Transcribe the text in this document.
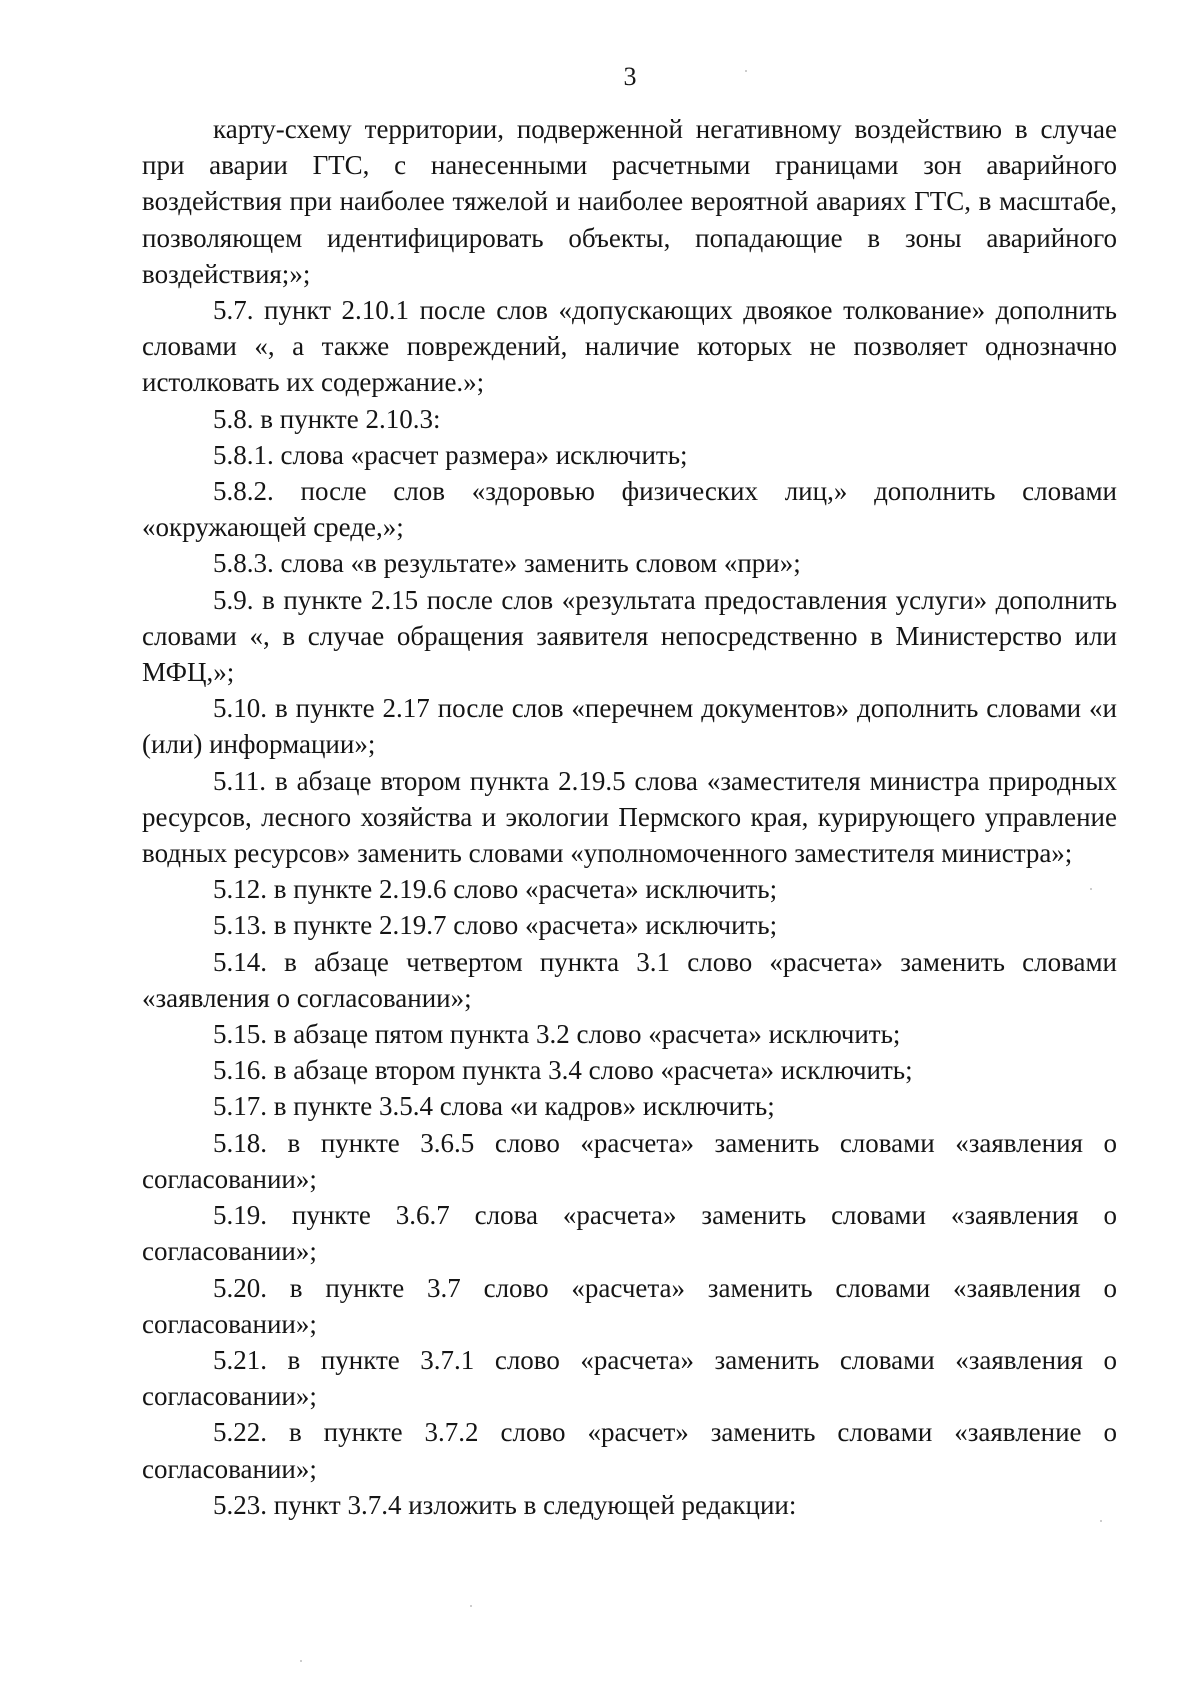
3

карту-схему территории, подверженной негативному воздействию в случае при аварии ГТС, с нанесенными расчетными границами зон аварийного воздействия при наиболее тяжелой и наиболее вероятной авариях ГТС, в масштабе, позволяющем идентифицировать объекты, попадающие в зоны аварийного воздействия;»;

5.7. пункт 2.10.1 после слов «допускающих двоякое толкование» дополнить словами «, а также повреждений, наличие которых не позволяет однозначно истолковать их содержание.»;

5.8. в пункте 2.10.3:

5.8.1. слова «расчет размера» исключить;

5.8.2. после слов «здоровью физических лиц,» дополнить словами «окружающей среде,»;

5.8.3. слова «в результате» заменить словом «при»;

5.9. в пункте 2.15 после слов «результата предоставления услуги» дополнить словами «, в случае обращения заявителя непосредственно в Министерство или МФЦ,»;

5.10. в пункте 2.17 после слов «перечнем документов» дополнить словами «и (или) информации»;

5.11. в абзаце втором пункта 2.19.5 слова «заместителя министра природных ресурсов, лесного хозяйства и экологии Пермского края, курирующего управление водных ресурсов» заменить словами «уполномоченного заместителя министра»;

5.12. в пункте 2.19.6 слово «расчета» исключить;

5.13. в пункте 2.19.7 слово «расчета» исключить;

5.14. в абзаце четвертом пункта 3.1 слово «расчета» заменить словами «заявления о согласовании»;

5.15. в абзаце пятом пункта 3.2 слово «расчета» исключить;

5.16. в абзаце втором пункта 3.4 слово «расчета» исключить;

5.17. в пункте 3.5.4 слова «и кадров» исключить;

5.18. в пункте 3.6.5 слово «расчета» заменить словами «заявления о согласовании»;

5.19. пункте 3.6.7 слова «расчета» заменить словами «заявления о согласовании»;

5.20. в пункте 3.7 слово «расчета» заменить словами «заявления о согласовании»;

5.21. в пункте 3.7.1 слово «расчета» заменить словами «заявления о согласовании»;

5.22. в пункте 3.7.2 слово «расчет» заменить словами «заявление о согласовании»;

5.23. пункт 3.7.4 изложить в следующей редакции:
